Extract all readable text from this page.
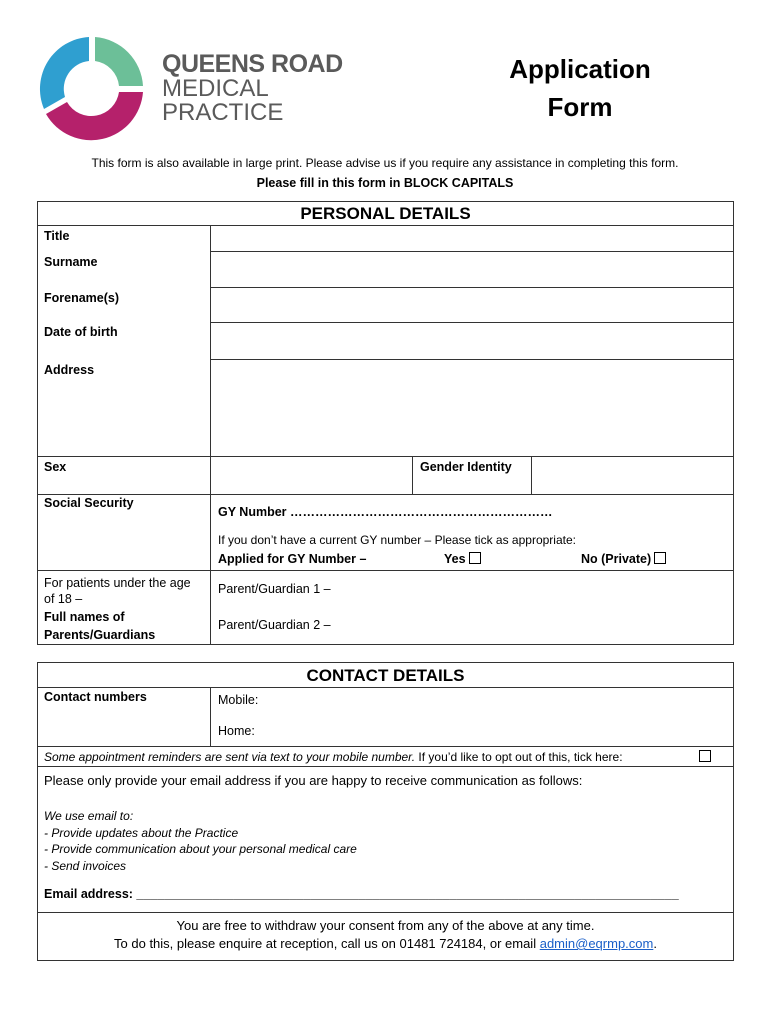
QUEENS ROAD
MEDICAL
PRACTICE
Application
Form
This form is also available in large print. Please advise us if you require any assistance in completing this form.
Please fill in this form in BLOCK CAPITALS
PERSONAL DETAILS
Title
Surname
Forename(s)
Date of birth
Address
Sex	Gender Identity
Social Security
GY Number ………………………………………………………
If you don’t have a current GY number – Please tick as appropriate:
Applied for GY Number –	Yes	No (Private)
For patients under the age
of 18 –
Full names of
Parents/Guardians
Parent/Guardian 1 –
Parent/Guardian 2 –
CONTACT DETAILS
Contact numbers	Mobile:
Home:
Some appointment reminders are sent via text to your mobile number. If you’d like to opt out of this, tick here:
Please only provide your email address if you are happy to receive communication as follows:
We use email to:
- Provide updates about the Practice
- Provide communication about your personal medical care
- Send invoices
Email address: ______________________________________________________________________________
You are free to withdraw your consent from any of the above at any time.
To do this, please enquire at reception, call us on 01481 724184, or email admin@eqrmp.com.
